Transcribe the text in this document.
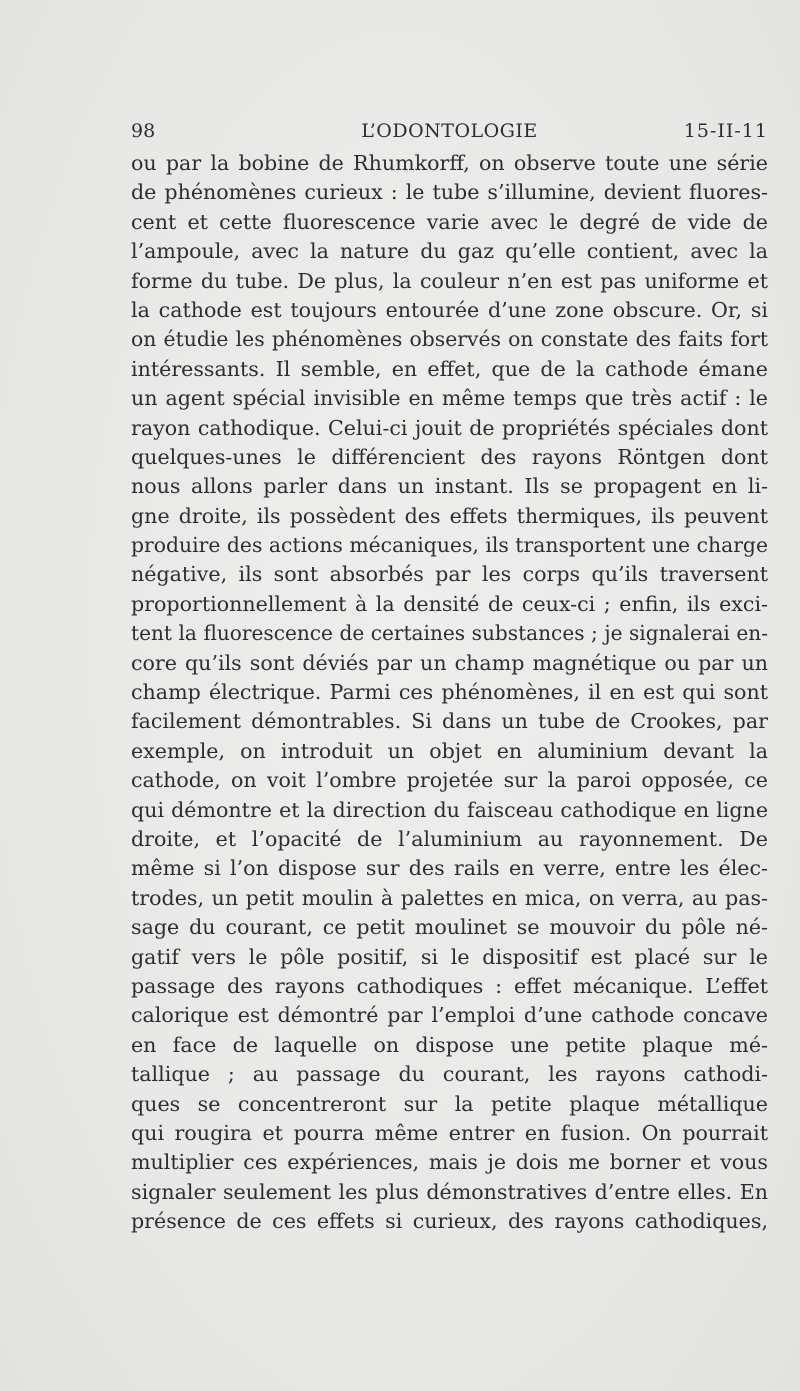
98	L’ODONTOLOGIE	15-II-11
ou par la bobine de Rhumkorff, on observe toute une série
de phénomènes curieux : le tube s’illumine, devient fluores-
cent et cette fluorescence varie avec le degré de vide de
l’ampoule, avec la nature du gaz qu’elle contient, avec la
forme du tube. De plus, la couleur n’en est pas uniforme et
la cathode est toujours entourée d’une zone obscure. Or, si
on étudie les phénomènes observés on constate des faits fort
intéressants. Il semble, en effet, que de la cathode émane
un agent spécial invisible en même temps que très actif : le
rayon cathodique. Celui-ci jouit de propriétés spéciales dont
quelques-unes le différencient des rayons Röntgen dont
nous allons parler dans un instant. Ils se propagent en li-
gne droite, ils possèdent des effets thermiques, ils peuvent
produire des actions mécaniques, ils transportent une charge
négative, ils sont absorbés par les corps qu’ils traversent
proportionnellement à la densité de ceux-ci ; enfin, ils exci-
tent la fluorescence de certaines substances ; je signalerai en-
core qu’ils sont déviés par un champ magnétique ou par un
champ électrique. Parmi ces phénomènes, il en est qui sont
facilement démontrables. Si dans un tube de Crookes, par
exemple, on introduit un objet en aluminium devant la
cathode, on voit l’ombre projetée sur la paroi opposée, ce
qui démontre et la direction du faisceau cathodique en ligne
droite, et l’opacité de l’aluminium au rayonnement. De
même si l’on dispose sur des rails en verre, entre les élec-
trodes, un petit moulin à palettes en mica, on verra, au pas-
sage du courant, ce petit moulinet se mouvoir du pôle né-
gatif vers le pôle positif, si le dispositif est placé sur le
passage des rayons cathodiques : effet mécanique. L’effet
calorique est démontré par l’emploi d’une cathode concave
en face de laquelle on dispose une petite plaque mé-
tallique ; au passage du courant, les rayons cathodi-
ques se concentreront sur la petite plaque métallique
qui rougira et pourra même entrer en fusion. On pourrait
multiplier ces expériences, mais je dois me borner et vous
signaler seulement les plus démonstratives d’entre elles. En
présence de ces effets si curieux, des rayons cathodiques,
